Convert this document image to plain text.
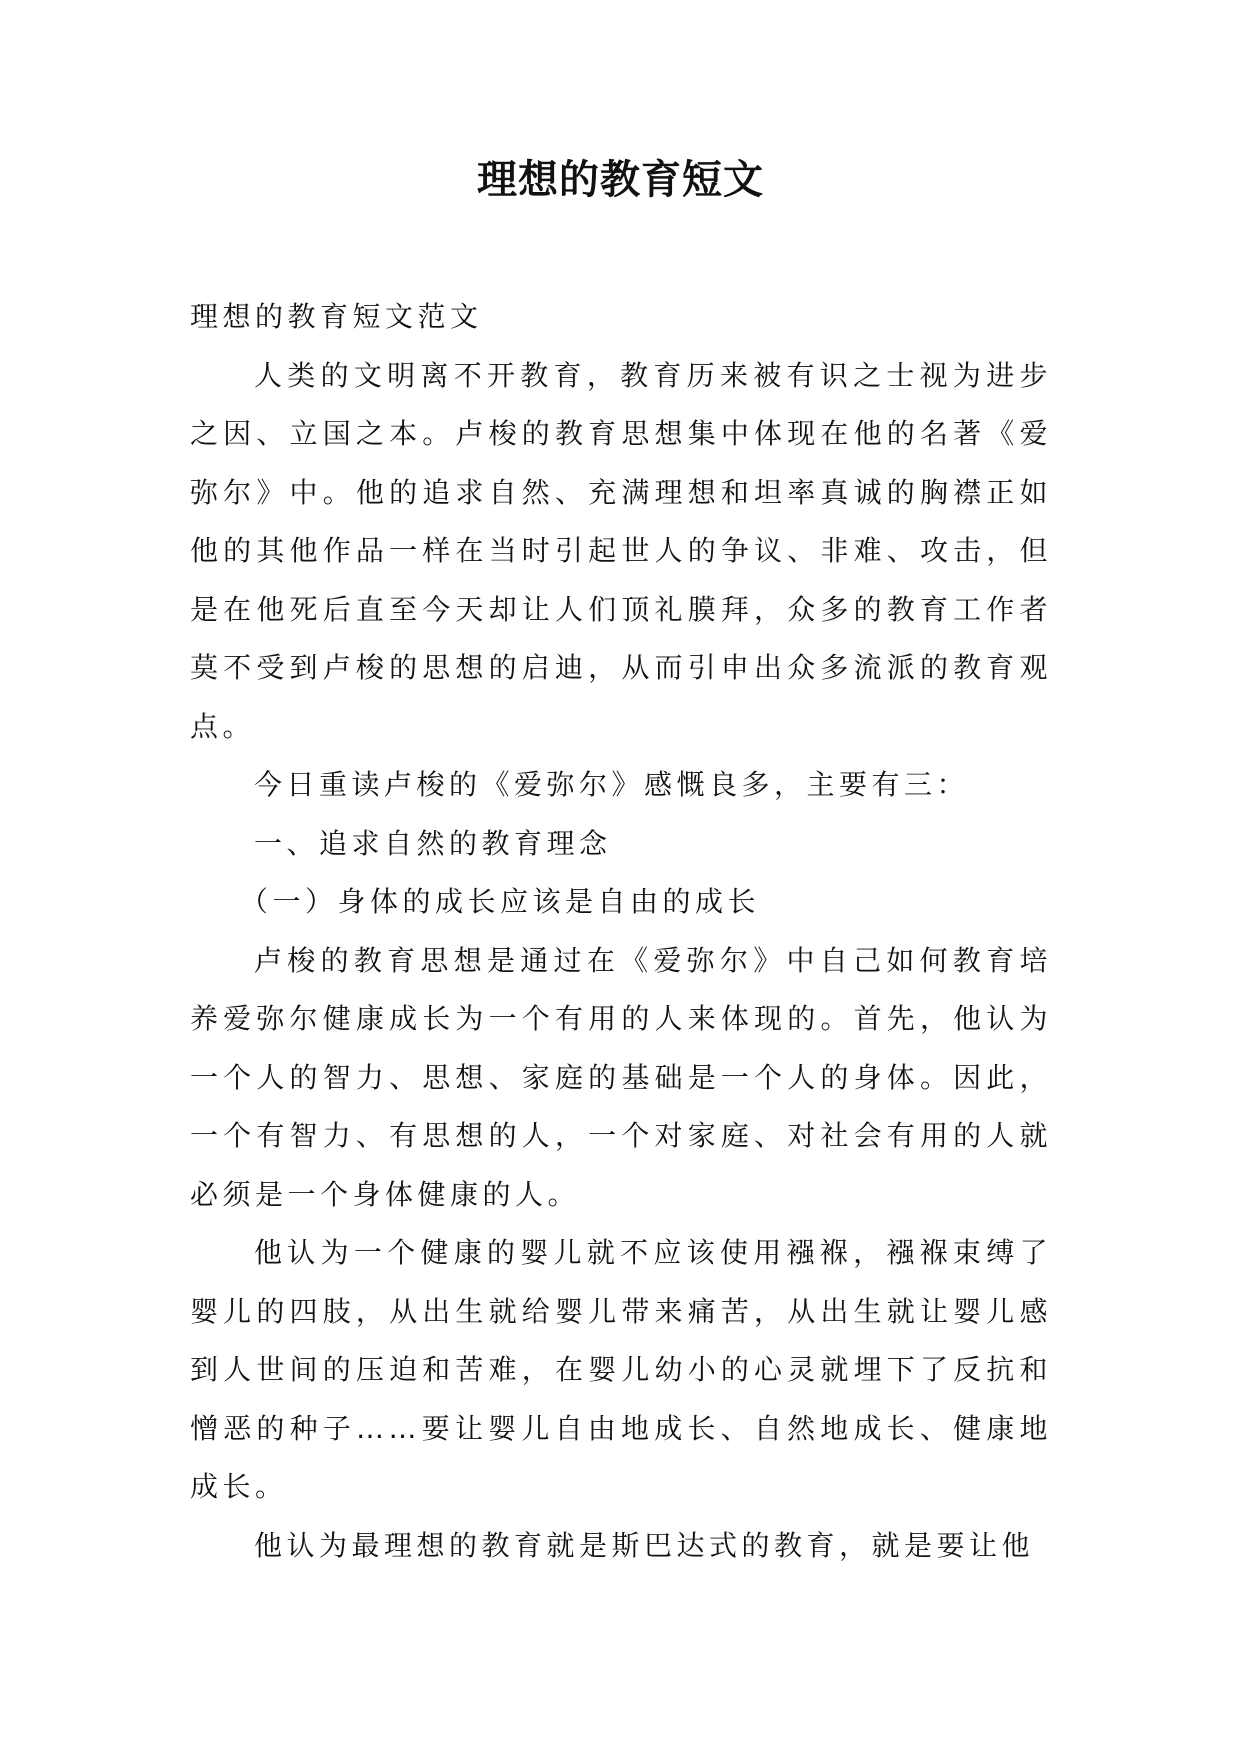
理想的教育短文

理想的教育短文范文

人类的文明离不开教育，教育历来被有识之士视为进步之因、立国之本。卢梭的教育思想集中体现在他的名著《爱弥尔》中。他的追求自然、充满理想和坦率真诚的胸襟正如他的其他作品一样在当时引起世人的争议、非难、攻击，但是在他死后直至今天却让人们顶礼膜拜，众多的教育工作者莫不受到卢梭的思想的启迪，从而引申出众多流派的教育观点。

今日重读卢梭的《爱弥尔》感慨良多，主要有三：

一、追求自然的教育理念

（一）身体的成长应该是自由的成长

卢梭的教育思想是通过在《爱弥尔》中自己如何教育培养爱弥尔健康成长为一个有用的人来体现的。首先，他认为一个人的智力、思想、家庭的基础是一个人的身体。因此，一个有智力、有思想的人，一个对家庭、对社会有用的人就必须是一个身体健康的人。

他认为一个健康的婴儿就不应该使用襁褓，襁褓束缚了婴儿的四肢，从出生就给婴儿带来痛苦，从出生就让婴儿感到人世间的压迫和苦难，在婴儿幼小的心灵就埋下了反抗和憎恶的种子……要让婴儿自由地成长、自然地成长、健康地成长。

他认为最理想的教育就是斯巴达式的教育，就是要让他
